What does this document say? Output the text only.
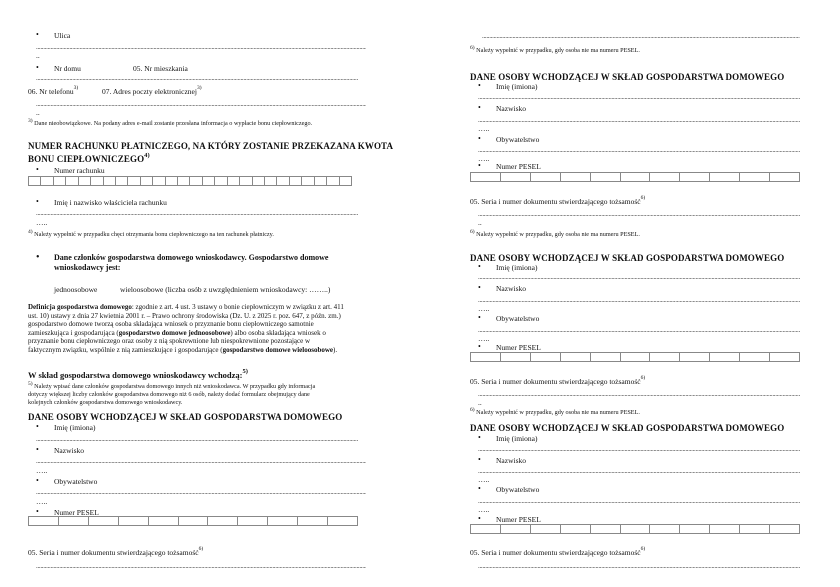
• Ulica
.....
..
• Nr domu	05. Nr mieszkania
.....
06. Nr telefonu$^{3)}$	07. Adres poczty elektronicznej$^{3)}$
.....
..
3) Dane nieobowiązkowe. Na podany adres e-mail zostanie przesłana informacja o wypłacie bonu ciepłowniczego.
NUMER RACHUNKU PŁATNICZEGO, NA KTÓRY ZOSTANIE PRZEKAZANA KWOTA
BONU CIEPŁOWNICZEGO$^{4)}$
• Numer rachunku
• Imię i nazwisko właściciela rachunku
.....
…..
4) Należy wypełnić w przypadku chęci otrzymania bonu ciepłowniczego na ten rachunek płatniczy.
• Dane członków gospodarstwa domowego wnioskodawcy. Gospodarstwo domowe
wnioskodawcy jest:
jednoosobowe	wieloosobowe (liczba osób z uwzględnieniem wnioskodawcy: ……..)
Definicja gospodarstwa domowego: zgodnie z art. 4 ust. 3 ustawy o bonie ciepłowniczym w związku z art. 411
ust. 10) ustawy z dnia 27 kwietnia 2001 r. – Prawo ochrony środowiska (Dz. U. z 2025 r. poz. 647, z późn. zm.)
gospodarstwo domowe tworzą osoba składająca wniosek o przyznanie bonu ciepłowniczego samotnie
zamieszkująca i gospodarująca (gospodarstwo domowe jednoosobowe) albo osoba składająca wniosek o
przyznanie bonu ciepłowniczego oraz osoby z nią spokrewnione lub niespokrewnione pozostające w
faktycznym związku, wspólnie z nią zamieszkujące i gospodarujące (gospodarstwo domowe wieloosobowe).
W skład gospodarstwa domowego wnioskodawcy wchodzą:$^{5)}$
5) Należy wpisać dane członków gospodarstwa domowego innych niż wnioskodawca. W przypadku gdy informacja
dotyczy większej liczby członków gospodarstwa domowego niż 6 osób, należy dodać formularz obejmujący dane
kolejnych członków gospodarstwa domowego wnioskodawcy.
DANE OSOBY WCHODZĄCEJ W SKŁAD GOSPODARSTWA DOMOWEGO
• Imię (imiona)
.....
• Nazwisko
.....
…..
• Obywatelstwo
.....
…..
• Numer PESEL
05. Seria i numer dokumentu stwierdzającego tożsamość$^{6)}$
.....
.....
6) Należy wypełnić w przypadku, gdy osoba nie ma numeru PESEL.
DANE OSOBY WCHODZĄCEJ W SKŁAD GOSPODARSTWA DOMOWEGO
• Imię (imiona)
.....
• Nazwisko
.....
…..
• Obywatelstwo
.....
…..
• Numer PESEL
05. Seria i numer dokumentu stwierdzającego tożsamość$^{6)}$
.....
..
6) Należy wypełnić w przypadku, gdy osoba nie ma numeru PESEL.
DANE OSOBY WCHODZĄCEJ W SKŁAD GOSPODARSTWA DOMOWEGO
• Imię (imiona)
.....
• Nazwisko
.....
…..
• Obywatelstwo
.....
…..
• Numer PESEL
05. Seria i numer dokumentu stwierdzającego tożsamość$^{6)}$
.....
..
6) Należy wypełnić w przypadku, gdy osoba nie ma numeru PESEL.
DANE OSOBY WCHODZĄCEJ W SKŁAD GOSPODARSTWA DOMOWEGO
• Imię (imiona)
.....
• Nazwisko
.....
…..
• Obywatelstwo
.....
…..
• Numer PESEL
05. Seria i numer dokumentu stwierdzającego tożsamość$^{6)}$
.....
